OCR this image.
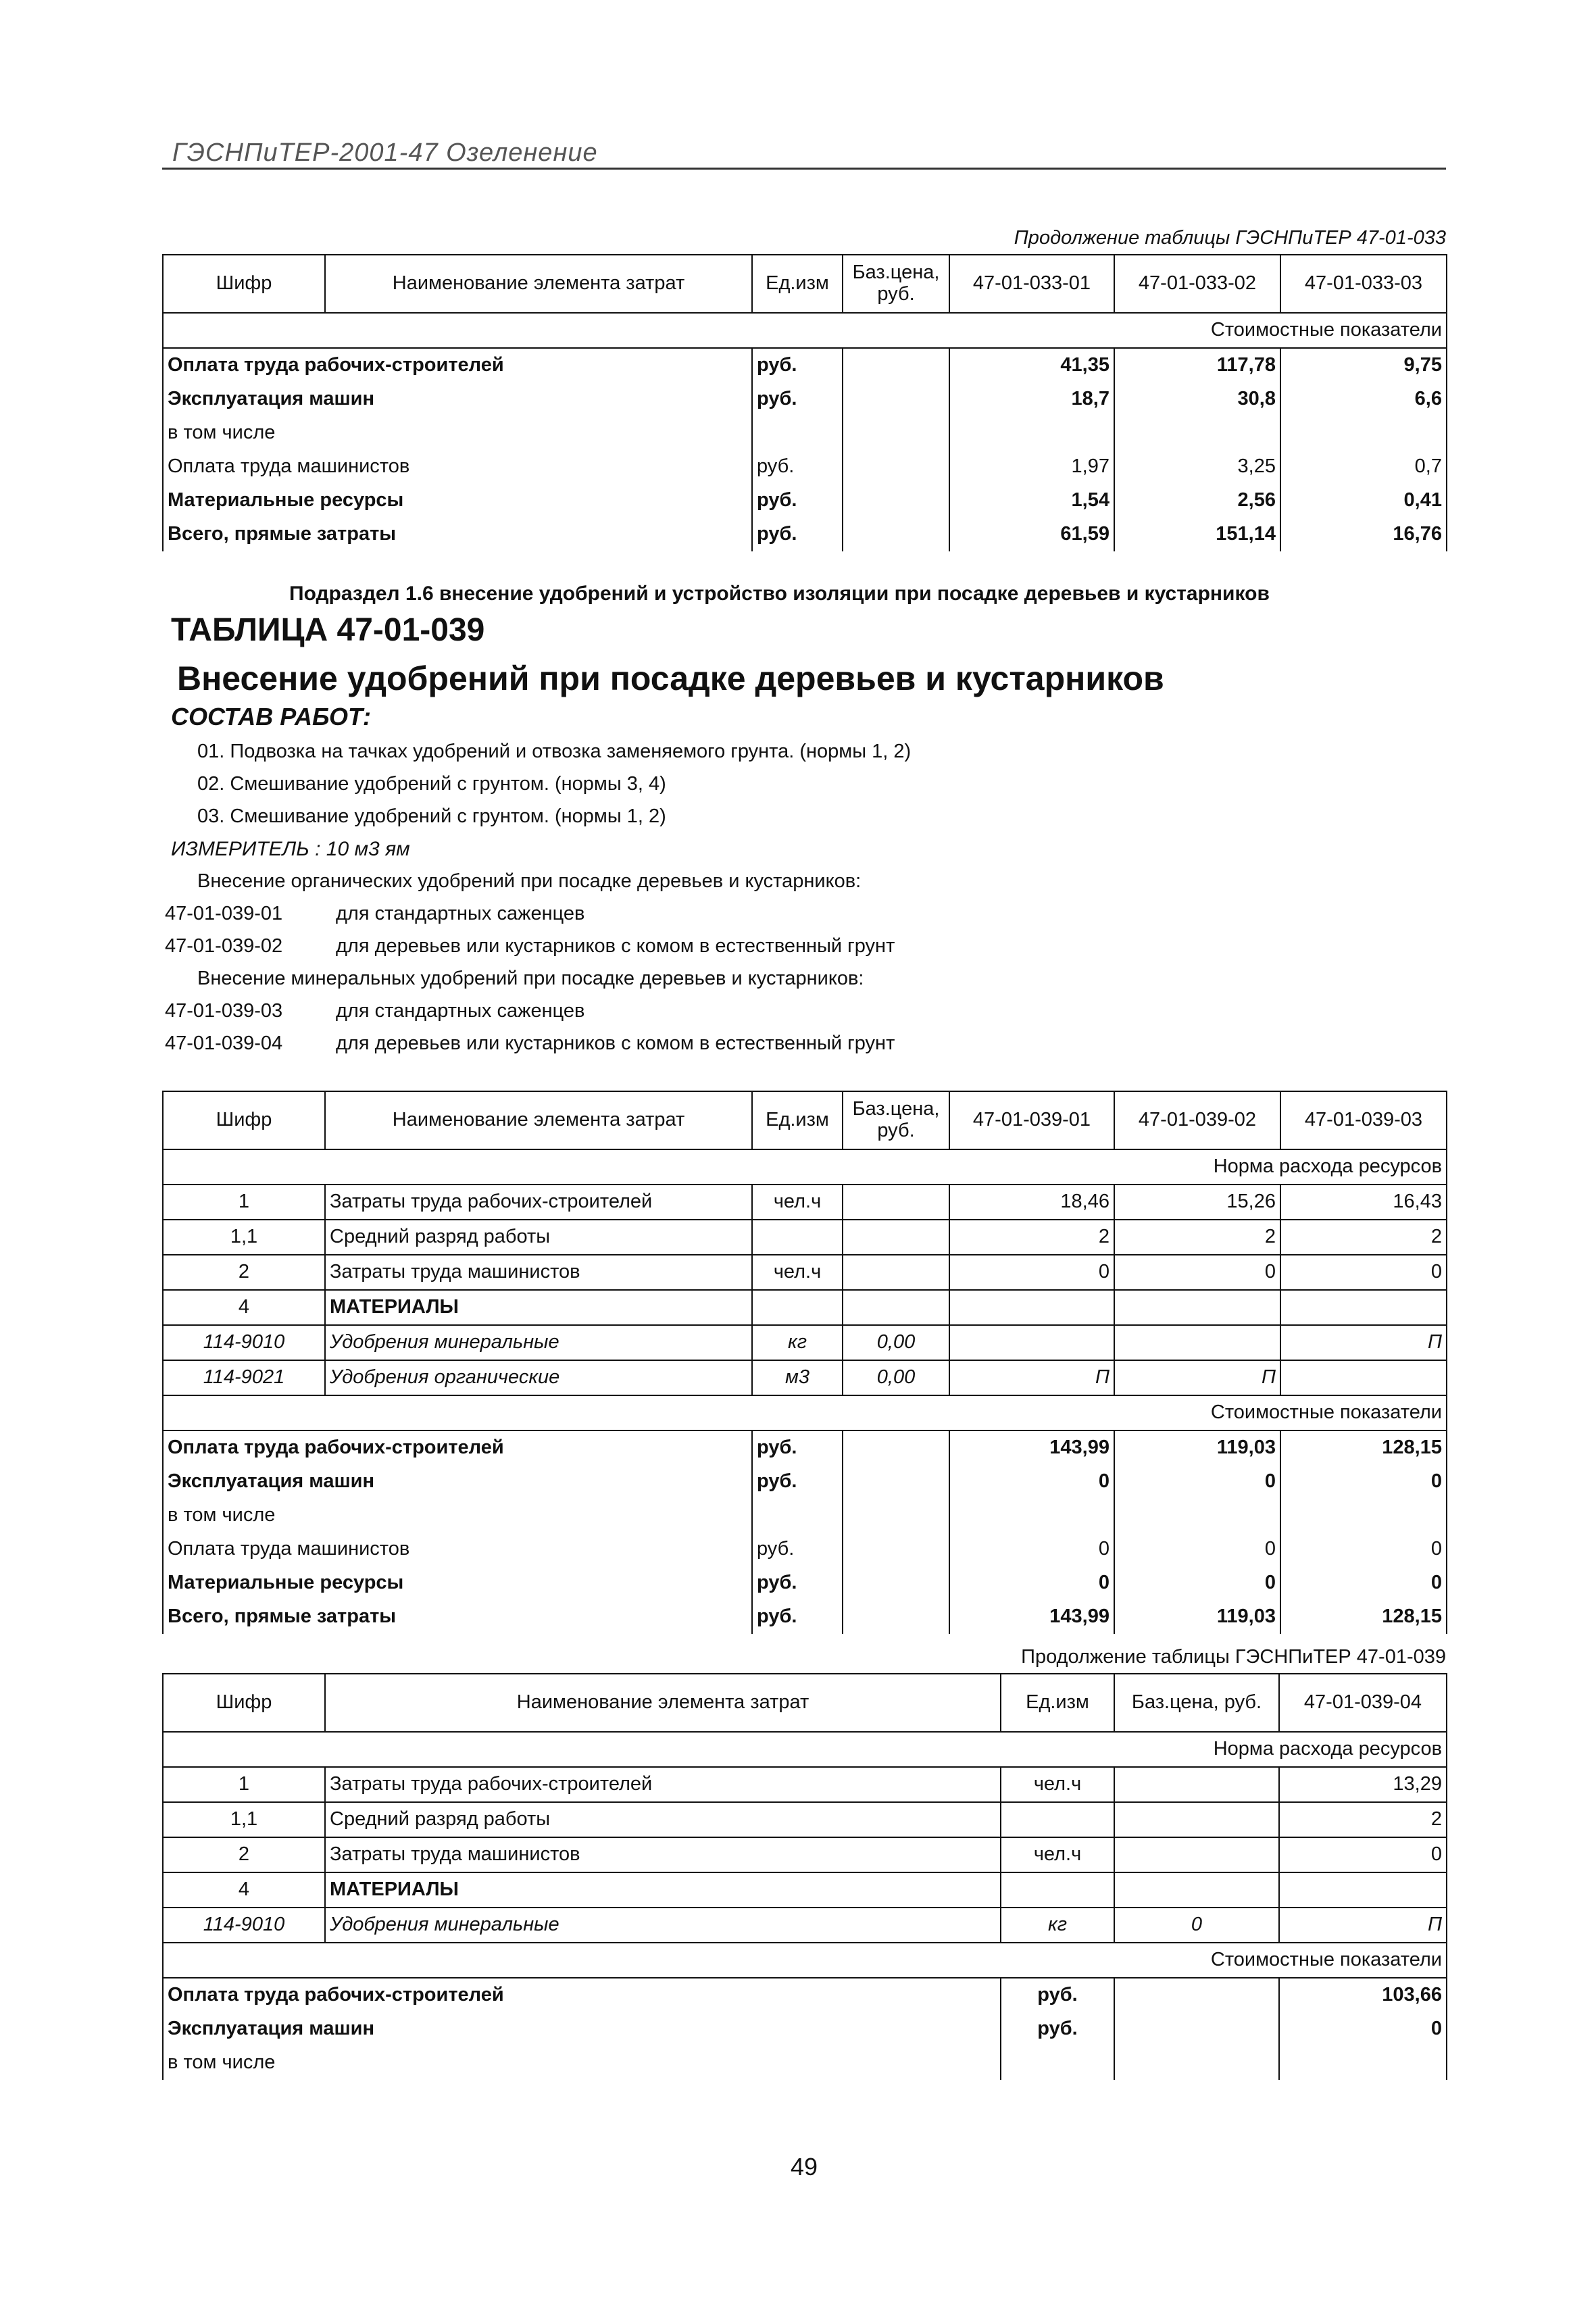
ГЭСНПиТЕР-2001-47 Озеленение
Продолжение таблицы ГЭСНПиТЕР 47-01-033
Шифр	Наименование элемента затрат	Ед.изм	Баз.цена, руб.	47-01-033-01	47-01-033-02	47-01-033-03
Стоимостные показатели						
Оплата труда рабочих-строителей		руб.		41,35	117,78	9,75
Эксплуатация машин		руб.		18,7	30,8	6,6
в том числе						
Оплата труда машинистов		руб.		1,97	3,25	0,7
Материальные ресурсы		руб.		1,54	2,56	0,41
Всего, прямые затраты		руб.		61,59	151,14	16,76
Подраздел 1.6 внесение удобрений и устройство изоляции при посадке деревьев и кустарников
ТАБЛИЦА 47-01-039
Внесение удобрений при посадке деревьев и кустарников
СОСТАВ РАБОТ:
01. Подвозка на тачках удобрений и отвозка заменяемого грунта. (нормы 1, 2)
02. Смешивание удобрений с грунтом. (нормы 3, 4)
03. Смешивание удобрений с грунтом. (нормы 1, 2)
ИЗМЕРИТЕЛЬ : 10 м3 ям
Внесение органических удобрений при посадке деревьев и кустарников:
47-01-039-01	для стандартных саженцев
47-01-039-02	для деревьев или кустарников с комом в естественный грунт
Внесение минеральных удобрений при посадке деревьев и кустарников:
47-01-039-03	для стандартных саженцев
47-01-039-04	для деревьев или кустарников с комом в естественный грунт
Шифр	Наименование элемента затрат	Ед.изм	Баз.цена, руб.	47-01-039-01	47-01-039-02	47-01-039-03
Норма расхода ресурсов						
1	Затраты труда рабочих-строителей	чел.ч		18,46	15,26	16,43
1,1	Средний разряд работы			2	2	2
2	Затраты труда машинистов	чел.ч		0	0	0
4	МАТЕРИАЛЫ					
114-9010	Удобрения минеральные	кг	0,00			П
114-9021	Удобрения органические	м3	0,00	П	П	
Стоимостные показатели						
Оплата труда рабочих-строителей		руб.		143,99	119,03	128,15
Эксплуатация машин		руб.		0	0	0
в том числе						
Оплата труда машинистов		руб.		0	0	0
Материальные ресурсы		руб.		0	0	0
Всего, прямые затраты		руб.		143,99	119,03	128,15
Продолжение таблицы ГЭСНПиТЕР 47-01-039
Шифр	Наименование элемента затрат	Ед.изм	Баз.цена, руб.	47-01-039-04
Норма расхода ресурсов				
1	Затраты труда рабочих-строителей	чел.ч		13,29
1,1	Средний разряд работы			2
2	Затраты труда машинистов	чел.ч		0
4	МАТЕРИАЛЫ			
114-9010	Удобрения минеральные	кг	0	П
Стоимостные показатели				
Оплата труда рабочих-строителей		руб.		103,66
Эксплуатация машин		руб.		0
в том числе				
49
